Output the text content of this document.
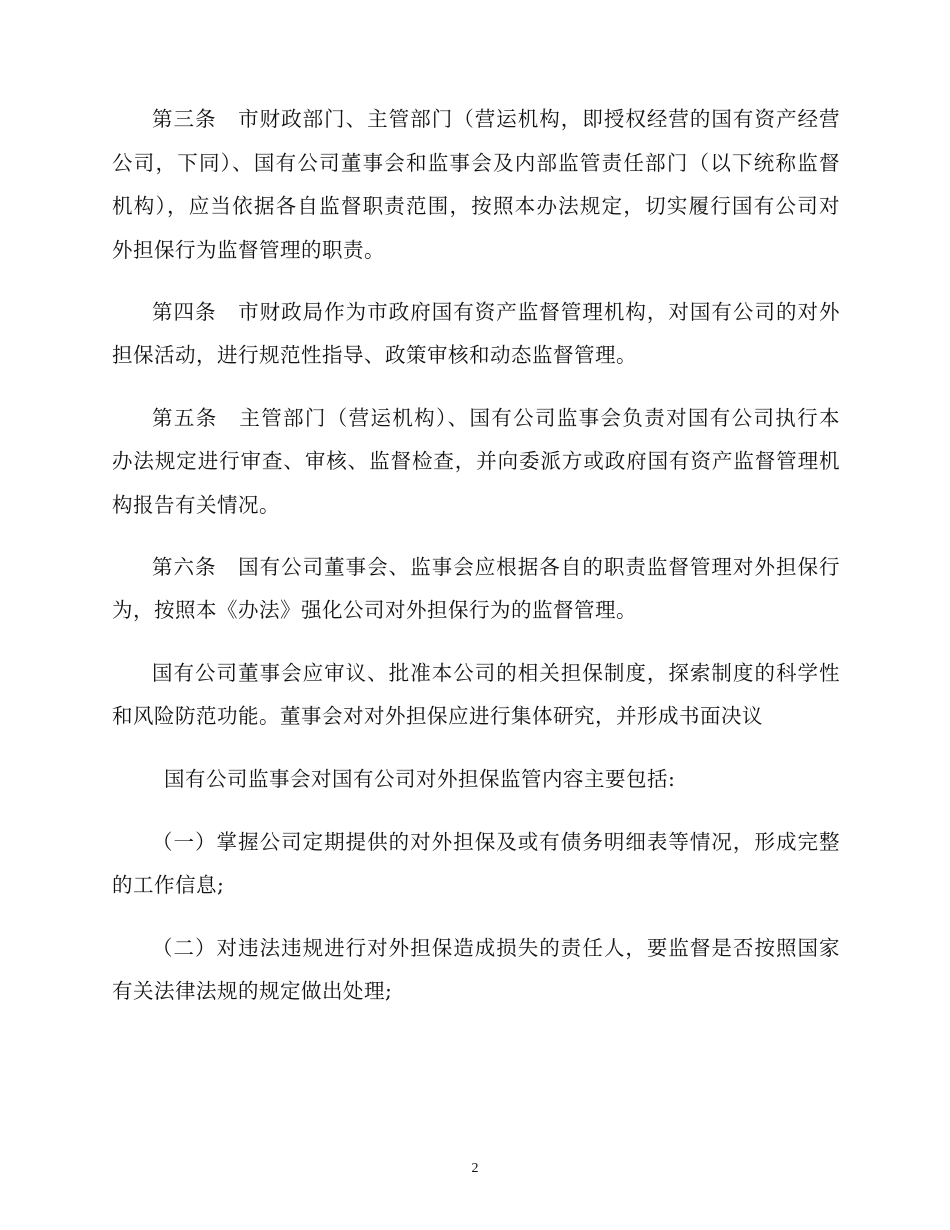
第三条　市财政部门、主管部门（营运机构，即授权经营的国有资产经营
公司，下同）、国有公司董事会和监事会及内部监管责任部门（以下统称监督
机构），应当依据各自监督职责范围，按照本办法规定，切实履行国有公司对
外担保行为监督管理的职责。
第四条　市财政局作为市政府国有资产监督管理机构，对国有公司的对外
担保活动，进行规范性指导、政策审核和动态监督管理。
第五条　主管部门（营运机构）、国有公司监事会负责对国有公司执行本
办法规定进行审查、审核、监督检查，并向委派方或政府国有资产监督管理机
构报告有关情况。
第六条　国有公司董事会、监事会应根据各自的职责监督管理对外担保行
为，按照本《办法》强化公司对外担保行为的监督管理。
国有公司董事会应审议、批准本公司的相关担保制度，探索制度的科学性
和风险防范功能。董事会对对外担保应进行集体研究，并形成书面决议
国有公司监事会对国有公司对外担保监管内容主要包括:
（一）掌握公司定期提供的对外担保及或有债务明细表等情况，形成完整
的工作信息;
（二）对违法违规进行对外担保造成损失的责任人，要监督是否按照国家
有关法律法规的规定做出处理;
2
